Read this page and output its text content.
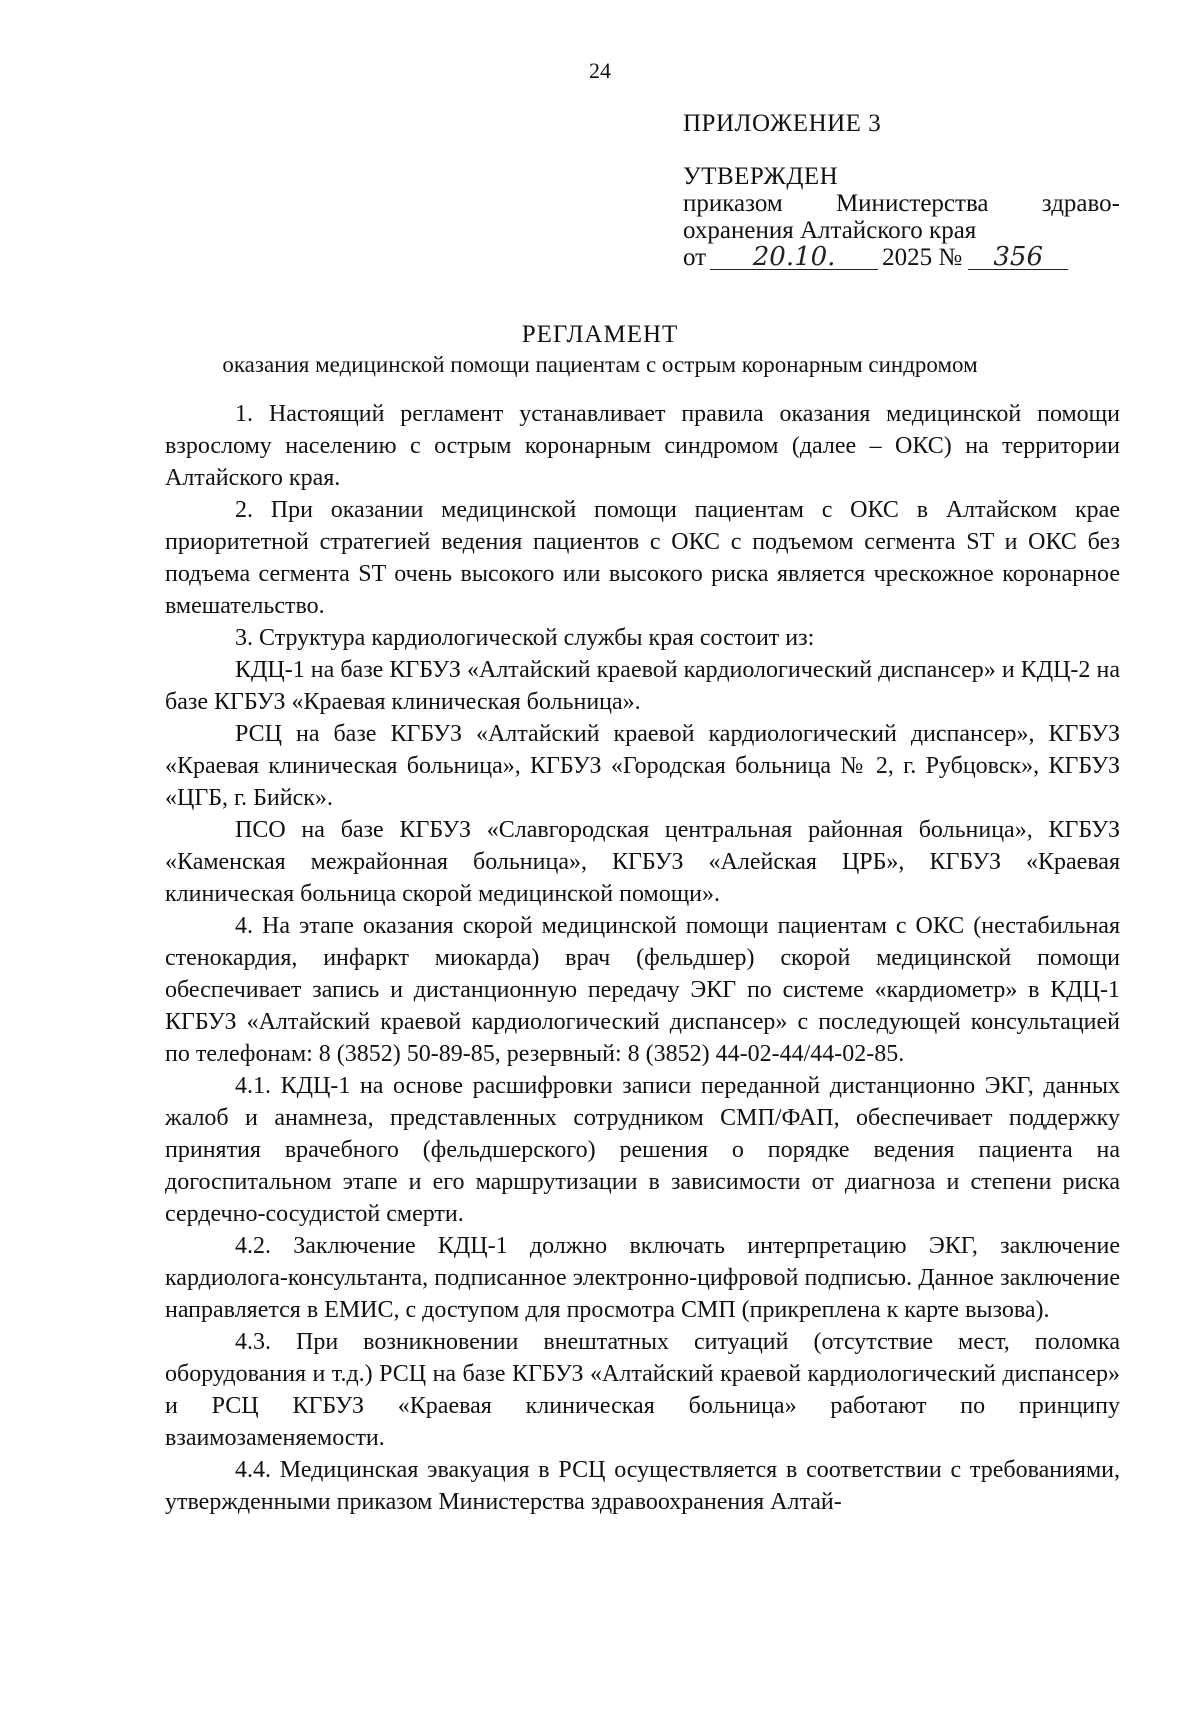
24
ПРИЛОЖЕНИЕ 3
УТВЕРЖДЕН
приказом Министерства здраво-
охранения Алтайского края
от	20.10.	2025 №	356
РЕГЛАМЕНТ
оказания медицинской помощи пациентам с острым коронарным синдромом

1. Настоящий регламент устанавливает правила оказания медицинской помощи взрослому населению с острым коронарным синдромом (далее – ОКС) на территории Алтайского края.

2. При оказании медицинской помощи пациентам с ОКС в Алтайском крае приоритетной стратегией ведения пациентов с ОКС с подъемом сегмента ST и ОКС без подъема сегмента ST очень высокого или высокого риска является чрескожное коронарное вмешательство.

3. Структура кардиологической службы края состоит из:

КДЦ-1 на базе КГБУЗ «Алтайский краевой кардиологический диспансер» и КДЦ-2 на базе КГБУЗ «Краевая клиническая больница».

РСЦ на базе КГБУЗ «Алтайский краевой кардиологический диспансер», КГБУЗ «Краевая клиническая больница», КГБУЗ «Городская больница № 2, г. Рубцовск», КГБУЗ «ЦГБ, г. Бийск».

ПСО на базе КГБУЗ «Славгородская центральная районная больница», КГБУЗ «Каменская межрайонная больница», КГБУЗ «Алейская ЦРБ», КГБУЗ «Краевая клиническая больница скорой медицинской помощи».

4. На этапе оказания скорой медицинской помощи пациентам с ОКС (нестабильная стенокардия, инфаркт миокарда) врач (фельдшер) скорой медицинской помощи обеспечивает запись и дистанционную передачу ЭКГ по системе «кардиометр» в КДЦ-1 КГБУЗ «Алтайский краевой кардиологический диспансер» с последующей консультацией по телефонам: 8 (3852) 50-89-85, резервный: 8 (3852) 44-02-44/44-02-85.

4.1. КДЦ-1 на основе расшифровки записи переданной дистанционно ЭКГ, данных жалоб и анамнеза, представленных сотрудником СМП/ФАП, обеспечивает поддержку принятия врачебного (фельдшерского) решения о порядке ведения пациента на догоспитальном этапе и его маршрутизации в зависимости от диагноза и степени риска сердечно-сосудистой смерти.

4.2. Заключение КДЦ-1 должно включать интерпретацию ЭКГ, заключение кардиолога-консультанта, подписанное электронно-цифровой подписью. Данное заключение направляется в ЕМИС, с доступом для просмотра СМП (прикреплена к карте вызова).

4.3. При возникновении внештатных ситуаций (отсутствие мест, поломка оборудования и т.д.) РСЦ на базе КГБУЗ «Алтайский краевой кардиологический диспансер» и РСЦ КГБУЗ «Краевая клиническая больница» работают по принципу взаимозаменяемости.

4.4. Медицинская эвакуация в РСЦ осуществляется в соответствии с требованиями, утвержденными приказом Министерства здравоохранения Алтай-
